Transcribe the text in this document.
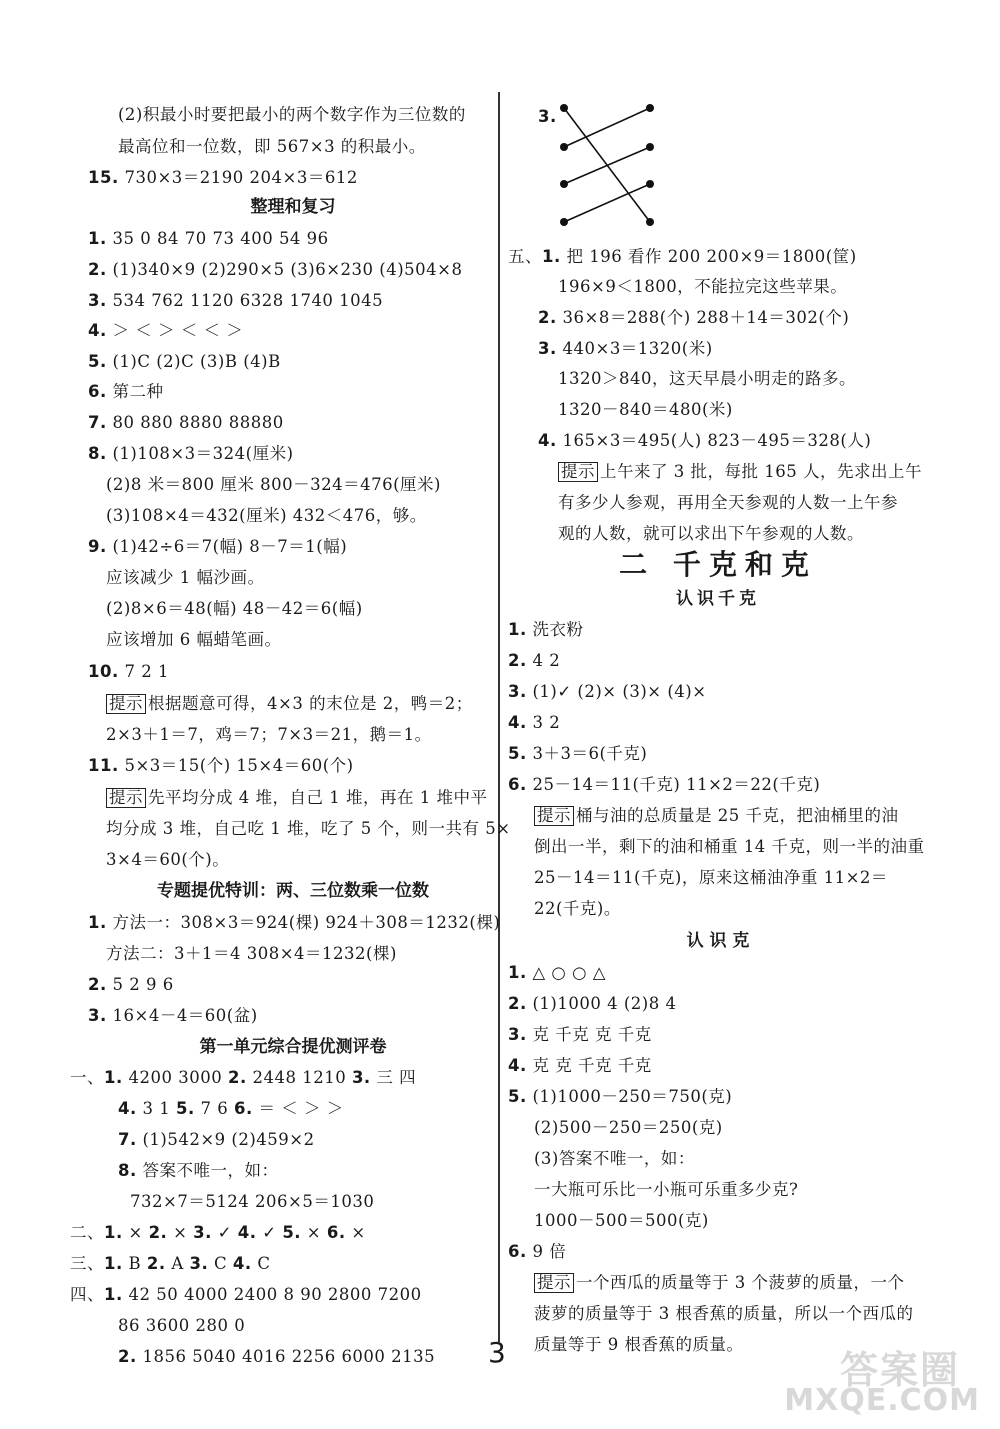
(2)积最小时要把最小的两个数字作为三位数的
最高位和一位数，即 567×3 的积最小。
15. 730×3＝2190 204×3＝612
整理和复习
1. 35 0 84 70 73 400 54 96
2. (1)340×9 (2)290×5 (3)6×230 (4)504×8
3. 534 762 1120 6328 1740 1045
4. ＞ ＜ ＞ ＜ ＜ ＞
5. (1)C (2)C (3)B (4)B
6. 第二种
7. 80 880 8880 88880
8. (1)108×3＝324(厘米)
(2)8 米＝800 厘米 800－324＝476(厘米)
(3)108×4＝432(厘米) 432＜476，够。
9. (1)42÷6＝7(幅) 8－7＝1(幅)
应该减少 1 幅沙画。
(2)8×6＝48(幅) 48－42＝6(幅)
应该增加 6 幅蜡笔画。
10. 7 2 1
提示 根据题意可得，4×3 的末位是 2，鸭＝2；
2×3＋1＝7，鸡＝7；7×3＝21，鹅＝1。
11. 5×3＝15(个) 15×4＝60(个)
提示 先平均分成 4 堆，自己 1 堆，再在 1 堆中平
均分成 3 堆，自己吃 1 堆，吃了 5 个，则一共有 5×
3×4＝60(个)。
专题提优特训：两、三位数乘一位数
1. 方法一：308×3＝924(棵) 924＋308＝1232(棵)
方法二：3＋1＝4 308×4＝1232(棵)
2. 5 2 9 6
3. 16×4－4＝60(盆)
第一单元综合提优测评卷
一、1. 4200 3000 2. 2448 1210 3. 三 四
4. 3 1 5. 7 6 6. ＝ ＜ ＞ ＞
7. (1)542×9 (2)459×2
8. 答案不唯一，如：
732×7＝5124 206×5＝1030
二、1. × 2. × 3. ✓ 4. ✓ 5. × 6. ×
三、1. B 2. A 3. C 4. C
四、1. 42 50 4000 2400 8 90 2800 7200
86 3600 280 0
2. 1856 5040 4016 2256 6000 2135
3.
五、1. 把 196 看作 200 200×9＝1800(筐)
196×9＜1800，不能拉完这些苹果。
2. 36×8＝288(个) 288＋14＝302(个)
3. 440×3＝1320(米)
1320＞840，这天早晨小明走的路多。
1320－840＝480(米)
4. 165×3＝495(人) 823－495＝328(人)
提示 上午来了 3 批，每批 165 人，先求出上午
有多少人参观，再用全天参观的人数一上午参
观的人数，就可以求出下午参观的人数。
二 千克和克
认识千克
1. 洗衣粉
2. 4 2
3. (1)✓ (2)× (3)× (4)×
4. 3 2
5. 3＋3＝6(千克)
6. 25－14＝11(千克) 11×2＝22(千克)
提示 桶与油的总质量是 25 千克，把油桶里的油
倒出一半，剩下的油和桶重 14 千克，则一半的油重
25－14＝11(千克)，原来这桶油净重 11×2＝
22(千克)。
认 识 克
1. △ ○ ○ △
2. (1)1000 4 (2)8 4
3. 克 千克 克 千克
4. 克 克 千克 千克
5. (1)1000－250＝750(克)
(2)500－250＝250(克)
(3)答案不唯一，如：
一大瓶可乐比一小瓶可乐重多少克?
1000－500＝500(克)
6. 9 倍
提示 一个西瓜的质量等于 3 个菠萝的质量，一个
菠萝的质量等于 3 根香蕉的质量，所以一个西瓜的
质量等于 9 根香蕉的质量。
3	答案圈
MXQE.COM
